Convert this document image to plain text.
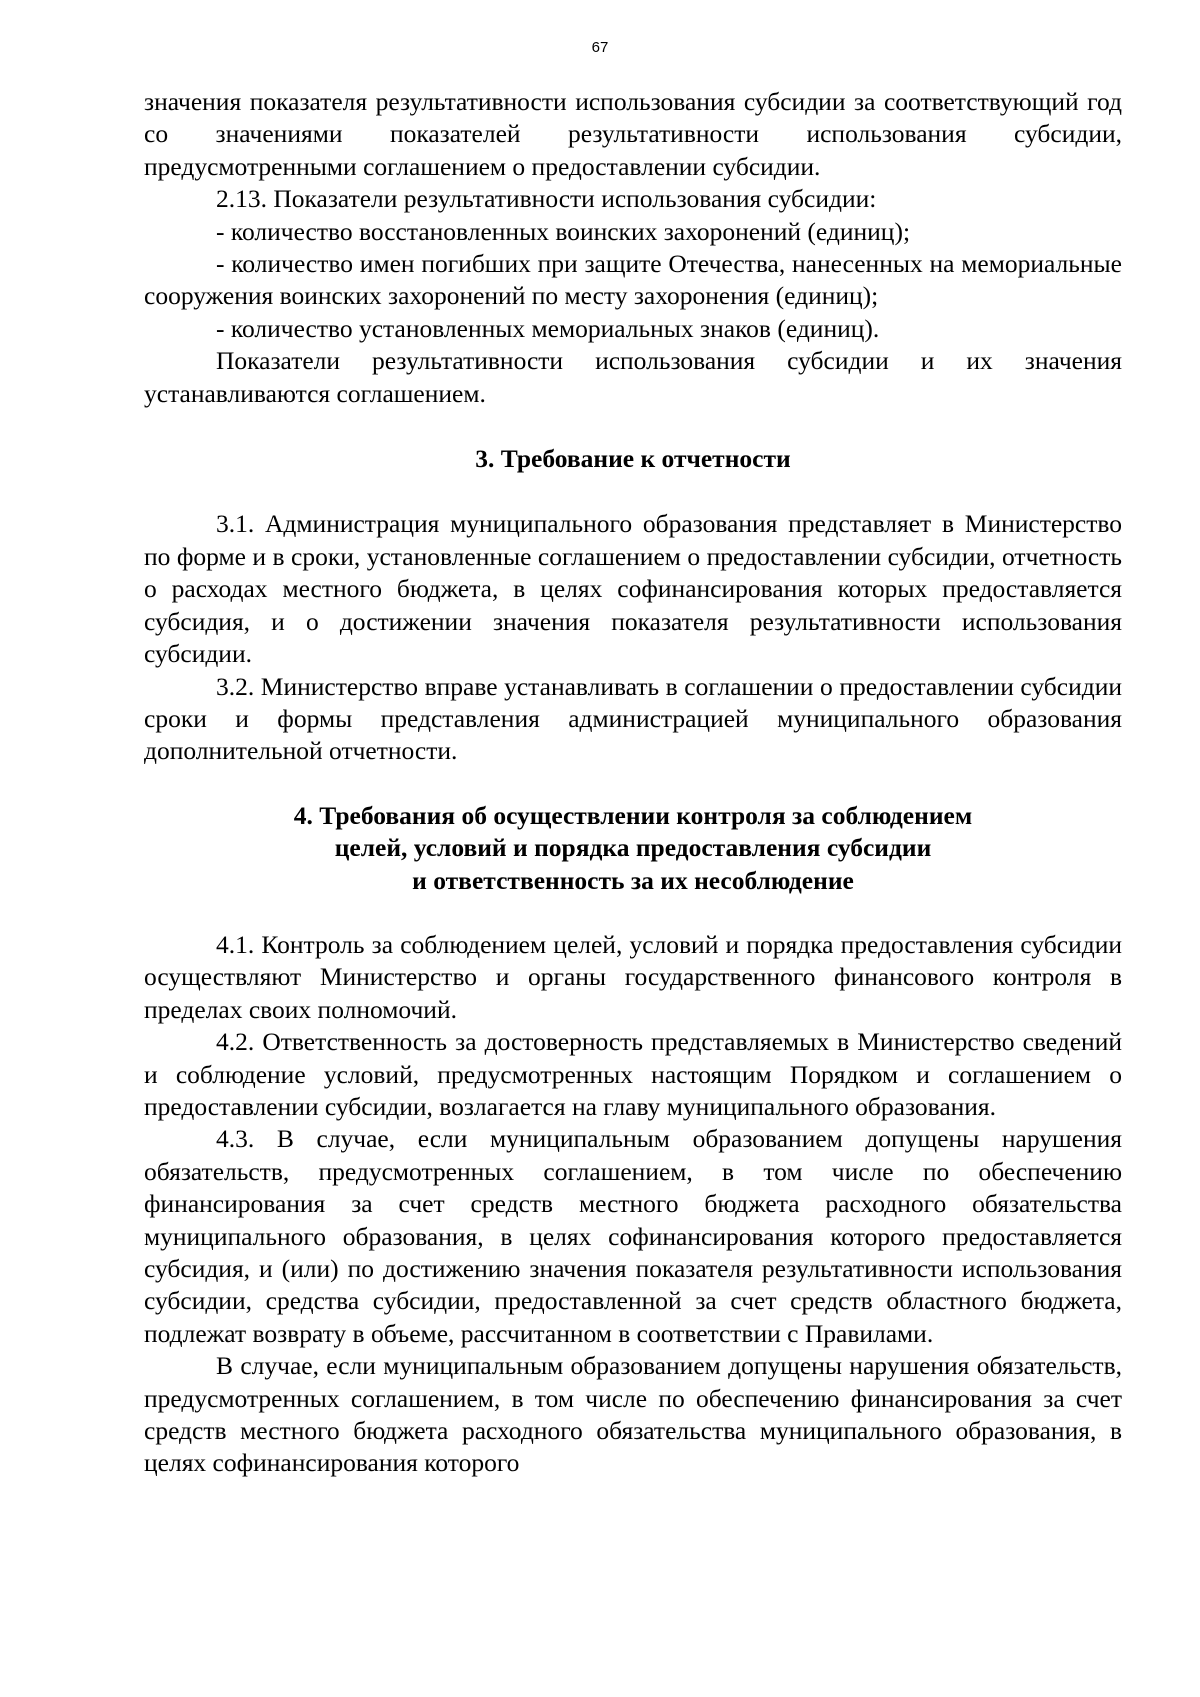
67

значения показателя результативности использования субсидии за соответствующий год со значениями показателей результативности использования субсидии, предусмотренными соглашением о предоставлении субсидии.

2.13. Показатели результативности использования субсидии:

- количество восстановленных воинских захоронений (единиц);

- количество имен погибших при защите Отечества, нанесенных на мемориальные сооружения воинских захоронений по месту захоронения (единиц);

- количество установленных мемориальных знаков (единиц).

Показатели результативности использования субсидии и их значения устанавливаются соглашением.

3. Требование к отчетности

3.1. Администрация муниципального образования представляет в Министерство по форме и в сроки, установленные соглашением о предоставлении субсидии, отчетность о расходах местного бюджета, в целях софинансирования которых предоставляется субсидия, и о достижении значения показателя результативности использования субсидии.

3.2. Министерство вправе устанавливать в соглашении о предоставлении субсидии сроки и формы представления администрацией муниципального образования дополнительной отчетности.

4. Требования об осуществлении контроля за соблюдением
целей, условий и порядка предоставления субсидии
и ответственность за их несоблюдение

4.1. Контроль за соблюдением целей, условий и порядка предоставления субсидии осуществляют Министерство и органы государственного финансового контроля в пределах своих полномочий.

4.2. Ответственность за достоверность представляемых в Министерство сведений и соблюдение условий, предусмотренных настоящим Порядком и соглашением о предоставлении субсидии, возлагается на главу муниципального образования.

4.3. В случае, если муниципальным образованием допущены нарушения обязательств, предусмотренных соглашением, в том числе по обеспечению финансирования за счет средств местного бюджета расходного обязательства муниципального образования, в целях софинансирования которого предоставляется субсидия, и (или) по достижению значения показателя результативности использования субсидии, средства субсидии, предоставленной за счет средств областного бюджета, подлежат возврату в объеме, рассчитанном в соответствии с Правилами.

В случае, если муниципальным образованием допущены нарушения обязательств, предусмотренных соглашением, в том числе по обеспечению финансирования за счет средств местного бюджета расходного обязательства муниципального образования, в целях софинансирования которого
